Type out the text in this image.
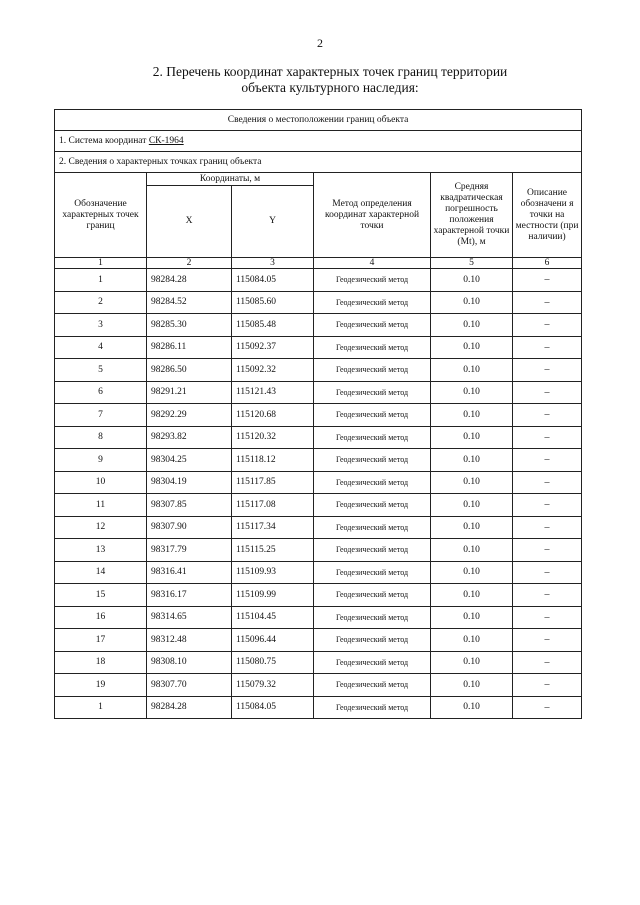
2
2. Перечень координат характерных точек границ территории
объекта культурного наследия:
Сведения о местоположении границ объекта					
1. Система координат СК-1964					
2. Сведения о характерных точках границ объекта					
Обозначение характерных точек границ	Координаты, м		Метод определения координат характерной точки	Средняя квадратическая погрешность положения характерной точки (Mt), м	Описание обозначени я точки на местности (при наличии)
	X	Y			
1	2	3	4	5	6
1	98284.28	115084.05	Геодезический метод	0.10	–
2	98284.52	115085.60	Геодезический метод	0.10	–
3	98285.30	115085.48	Геодезический метод	0.10	–
4	98286.11	115092.37	Геодезический метод	0.10	–
5	98286.50	115092.32	Геодезический метод	0.10	–
6	98291.21	115121.43	Геодезический метод	0.10	–
7	98292.29	115120.68	Геодезический метод	0.10	–
8	98293.82	115120.32	Геодезический метод	0.10	–
9	98304.25	115118.12	Геодезический метод	0.10	–
10	98304.19	115117.85	Геодезический метод	0.10	–
11	98307.85	115117.08	Геодезический метод	0.10	–
12	98307.90	115117.34	Геодезический метод	0.10	–
13	98317.79	115115.25	Геодезический метод	0.10	–
14	98316.41	115109.93	Геодезический метод	0.10	–
15	98316.17	115109.99	Геодезический метод	0.10	–
16	98314.65	115104.45	Геодезический метод	0.10	–
17	98312.48	115096.44	Геодезический метод	0.10	–
18	98308.10	115080.75	Геодезический метод	0.10	–
19	98307.70	115079.32	Геодезический метод	0.10	–
1	98284.28	115084.05	Геодезический метод	0.10	–
